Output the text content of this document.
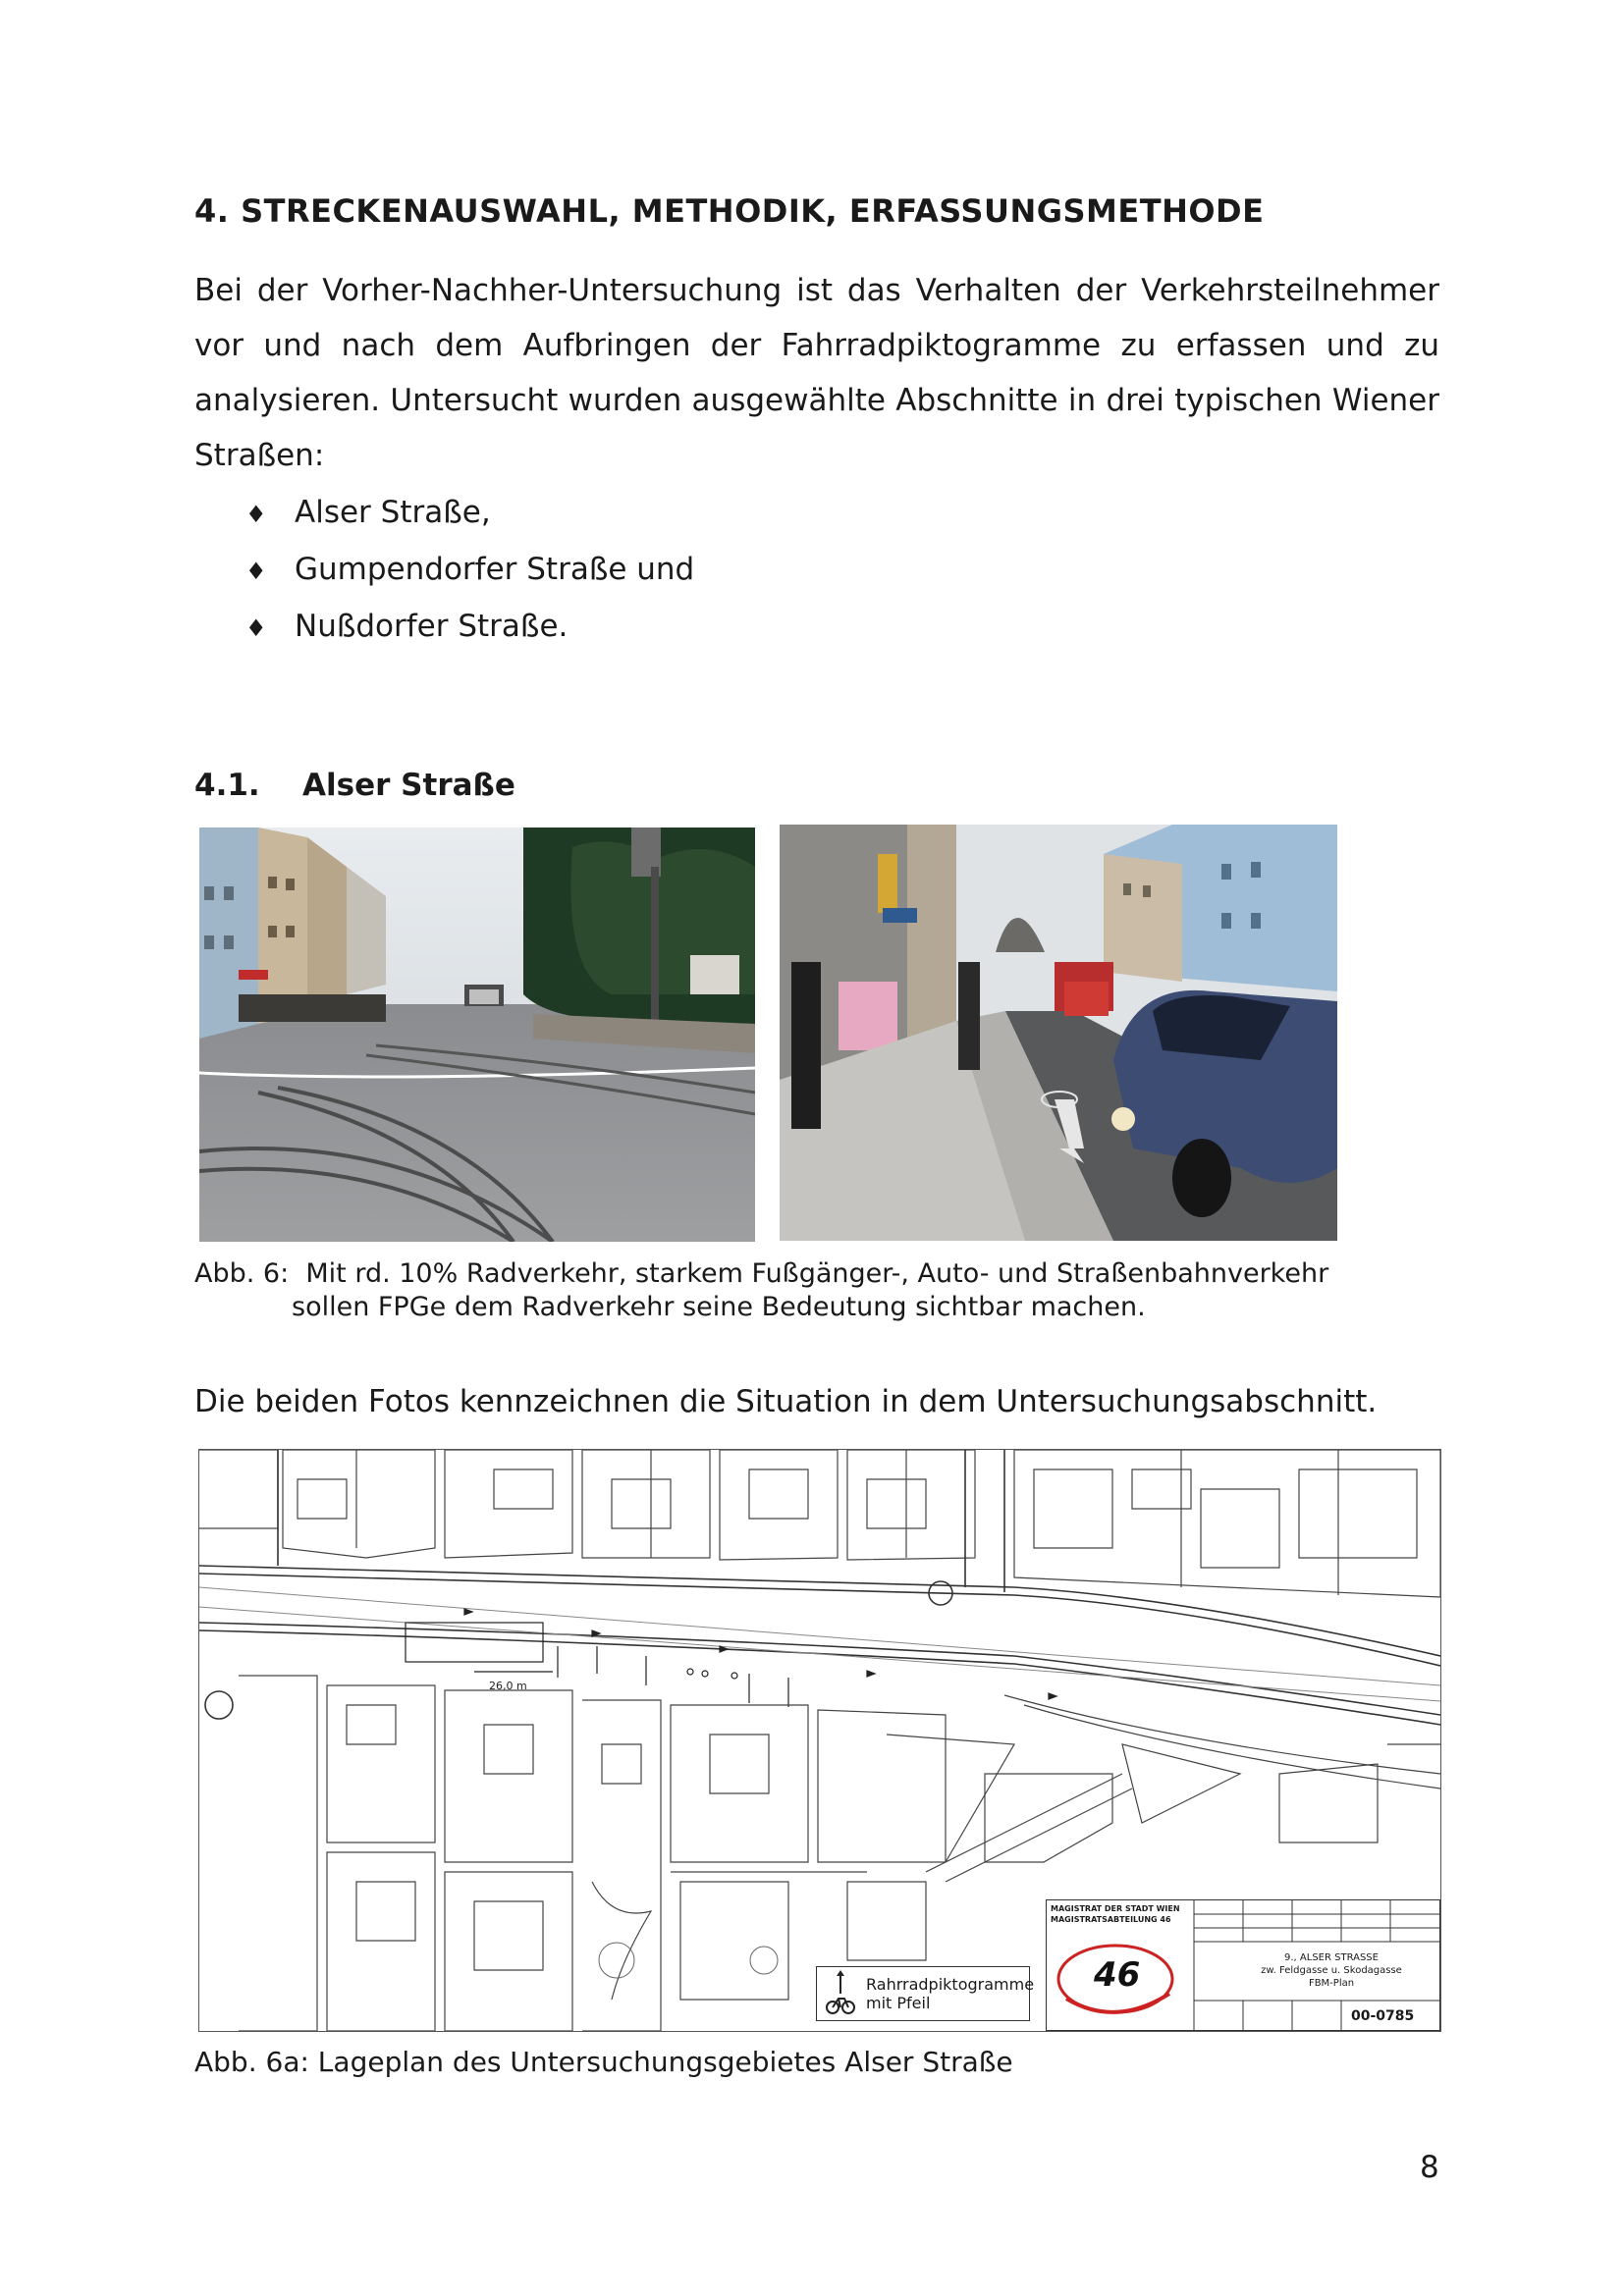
4. STRECKENAUSWAHL, METHODIK, ERFASSUNGSMETHODE

Bei der Vorher-Nachher-Untersuchung ist das Verhalten der Verkehrsteilnehmer vor und nach dem Aufbringen der Fahrradpiktogramme zu erfassen und zu analysieren. Untersucht wurden ausgewählte Abschnitte in drei typischen Wiener Straßen:

♦ Alser Straße,
♦ Gumpendorfer Straße und
♦ Nußdorfer Straße.
4.1. Alser Straße

Abb. 6: Mit rd. 10% Radverkehr, starkem Fußgänger-, Auto- und Straßenbahnverkehr
sollen FPGe dem Radverkehr seine Bedeutung sichtbar machen.

Die beiden Fotos kennzeichnen die Situation in dem Untersuchungsabschnitt.

26,0 m
Rahrradpiktogramme
mit Pfeil
MAGISTRAT DER STADT WIEN
MAGISTRATSABTEILUNG 46
46	9., ALSER STRASSE
zw. Feldgasse u. Skodagasse
FBM-Plan
00-0785

Abb. 6a: Lageplan des Untersuchungsgebietes Alser Straße

8
